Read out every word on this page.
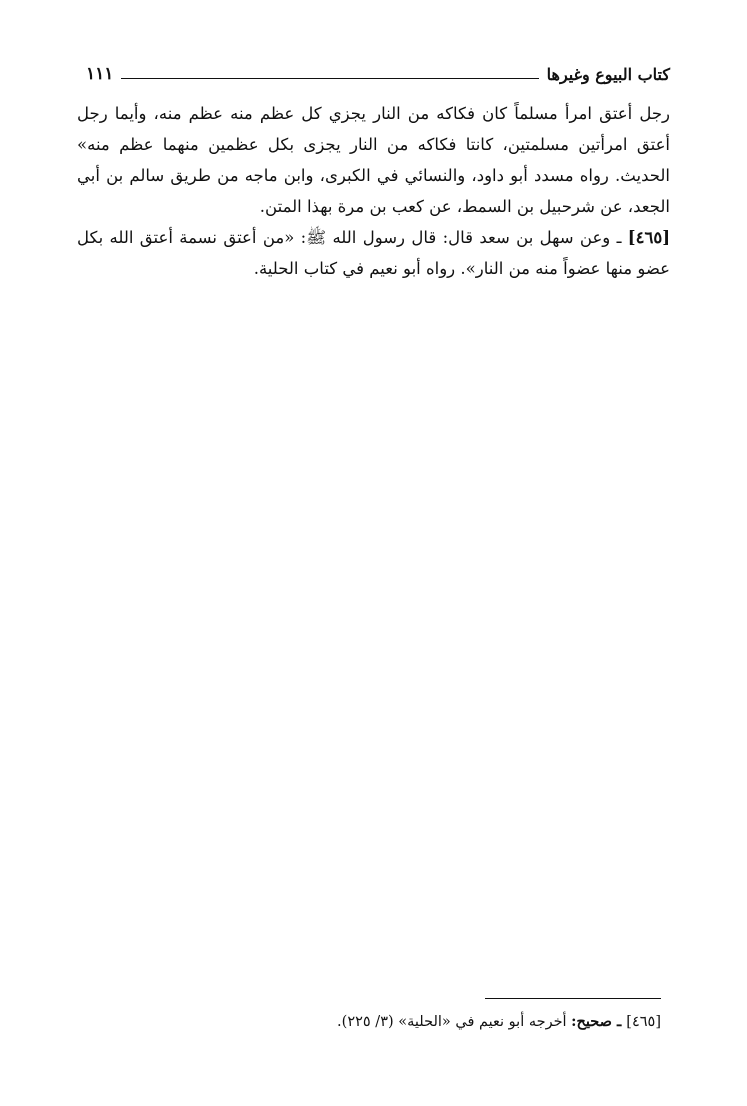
١١١	كتاب البيوع وغيرها

رجل أعتق امرأ مسلماً كان فكاكه من النار يجزي كل عظم منه عظم منه، وأيما رجل أعتق امرأتين مسلمتين، كانتا فكاكه من النار يجزى بكل عظمين منهما عظم منه» الحديث. رواه مسدد أبو داود، والنسائي في الكبرى، وابن ماجه من طريق سالم بن أبي الجعد، عن شرحبيل بن السمط، عن كعب بن مرة بهذا المتن.

[٤٦٥] ـ وعن سهل بن سعد قال: قال رسول الله ﷺ: «من أعتق نسمة أعتق الله بكل عضو منها عضواً منه من النار». رواه أبو نعيم في كتاب الحلية.

[٤٦٥] ـ صحيح: أخرجه أبو نعيم في «الحلية» (٣/ ٢٢٥).
